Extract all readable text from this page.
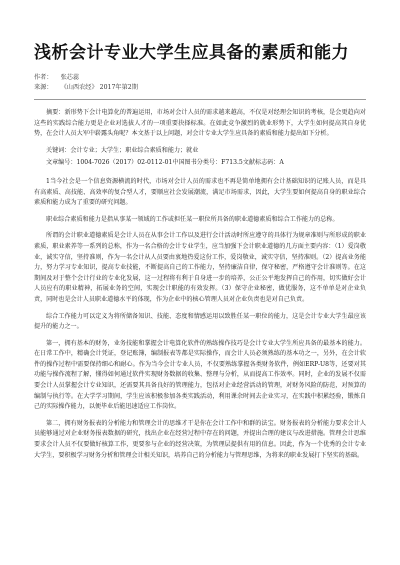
浅析会计专业大学生应具备的素质和能力
作者： 张芯蕊
来源： 《山西农经》 2017年第2期

摘要：新形势下会计电算化的普遍运用，市场对会计人员的需求越来越高，不仅是对经理会知识的考核，是会更趋向对这些的实践综合能力更是企业对选拔人才的一项重要抉择标准。在如此竞争激烈的就业形势下，大学生如何提高其自身优势，在会计人员大军中崭露头角呢？本文基于以上问题，对会计专业大学生应具备的素质和能力提出如下分析。

关键词：会计专业；大学生；职业综合素质和能力；就业

文章编号：1004-7026（2017）02-0112-01中国图书分类号：F713.5文献标志码：A

1当今社会是一个信息资源横流的时代，市场对会计人员的需求也不再是简单地拥有会计基础知识的记账人员，而是具有高素质、高技能、高效率的复合型人才，要顺应社会发展潮流，满足市场需求，因此，大学生要如何提高自身的职业综合素质和能力成为了重要的研究问题。

职业综合素质和能力是指从事某一领域的工作或担任某一职位所具备的职业道德素质和综合工作能力的总称。

所谓的会计职业道德素质是会计人员在从事会计工作以及进行会计活动时所应遵守的具体行为规章准则与所形成的职业素质，职业素养等一系列的总称，作为一名合格的会计专业学生，应当加强下会计职业道德的几方面主要内容：（1）爱岗敬业，诚实守信，坚持准则，作为一名会计从人员要由衷地热爱这份工作，爱岗敬业，诚实守信，坚持准则。（2）提高业务能力，努力学习专业知识，提高专业技能，不断提高自己的工作能力，坚持廉洁自律，保守秘密，严格遵守会计准则等。在这期间及对于整个会计行业的专业化发展，这一过程将有利于自身进一步的培养，公正公平地发挥自己的作用，切实做好会计人员应有的职业精神，拓展业务的空间，实现会计职能的有效发挥。（3）保守企业秘密，做优服务，这不单单是对企业负责，同时也是会计人员职业道德水平的体现，作为企业中的核心管理人员对企业负责也是对自己负责。

综合工作能力可以定义为将所储备知识、技能、态度和情感运用以致胜任某一职位的能力，这是会计专业大学生最应该提升的能力之一。

第一，拥有基本的财务，业务技能和掌握会计电算化软件的熟练操作技巧是会计专业大学生所应具备的最基本的能力。在日常工作中，精确会计凭证，登记账簿，编制报表等都是实际操作，而会计人员必须熟练的基本功之一，另外，在会计软件的操作过程中需要保持细心和耐心。作为当今会计专业人员，不仅要熟练掌握各类财务软件，例如ERP-U8等，还要对其功能与操作流程了解，懂得如何通过软件实现财务数据的收集、整理与分析，从而提高工作效率。同时，企业的发展不仅需要会计人员掌握会计专业知识，还需要其具备良好的管理能力，包括对企业经营活动的管理，对财务风险的防范，对预算的编制与执行等。在大学学习期间，学生应该积极参加各类实践活动，利用课余时间去企业实习，在实践中积累经验，锻炼自己的实际操作能力，以便毕业后能迅速适应工作岗位。

第二，拥有财务报表的分析能力和管理会计的思维才干是你在会计工作中和群的法宝。财务报表的分析能力要求会计人员能够通过对企业财务报表数据的研究，找出企业在经营过程中存在的问题，并提出合理的建议与改进措施。管理会计思维要求会计人员不仅要做好核算工作，更要参与企业的经营决策，为管理层提供有用的信息。因此，作为一个优秀的会计专业大学生，要积极学习财务分析和管理会计相关知识，培养自己的分析能力与管理思维，为将来的职业发展打下坚实的基础。
